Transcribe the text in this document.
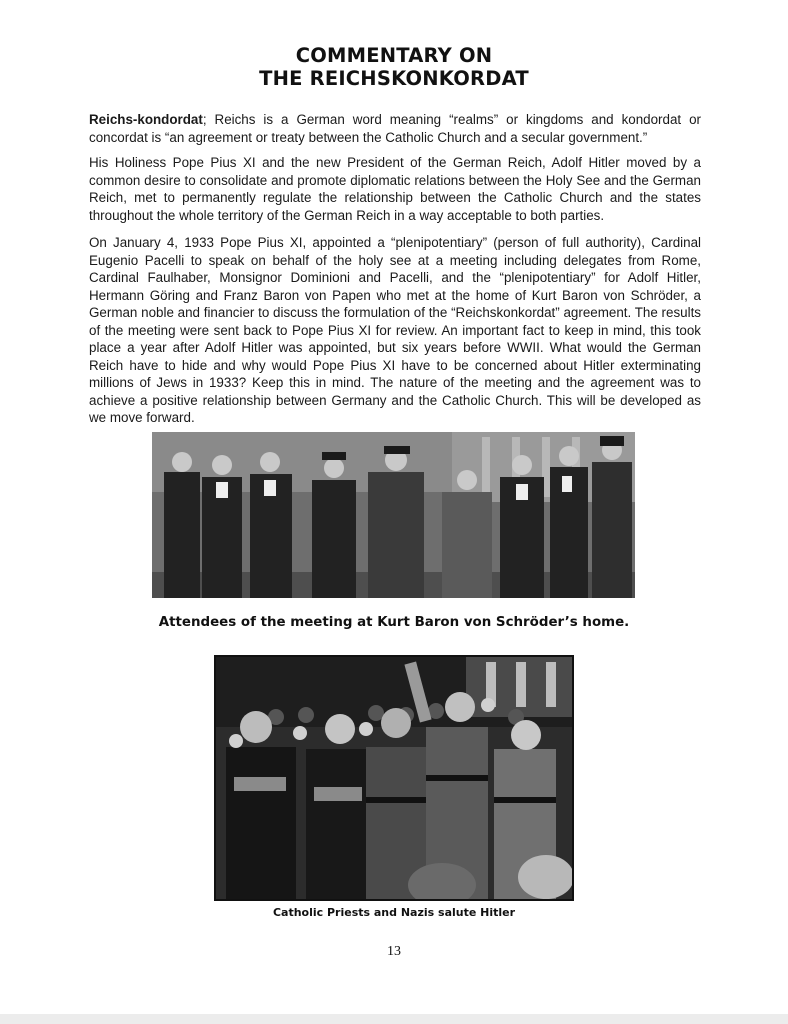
COMMENTARY ON
THE REICHSKONKORDAT
Reichs-kondordat; Reichs is a German word meaning “realms” or kingdoms and kondordat or concordat is “an agreement or treaty between the Catholic Church and a secular government.”
His Holiness Pope Pius XI and the new President of the German Reich, Adolf Hitler moved by a common desire to consolidate and promote diplomatic relations between the Holy See and the German Reich, met to permanently regulate the relationship between the Catholic Church and the states throughout the whole territory of the German Reich in a way acceptable to both parties.
On January 4, 1933 Pope Pius XI, appointed a “plenipotentiary” (person of full authority), Cardinal Eugenio Pacelli to speak on behalf of the holy see at a meeting including delegates from Rome, Cardinal Faulhaber, Monsignor Dominioni and Pacelli, and the “plenipotentiary” for Adolf Hitler, Hermann Göring and Franz Baron von Papen who met at the home of Kurt Baron von Schröder, a German noble and financier to discuss the formulation of the “Reichskonkordat” agreement. The results of the meeting were sent back to Pope Pius XI for review. An important fact to keep in mind, this took place a year after Adolf Hitler was appointed, but six years before WWII. What would the German Reich have to hide and why would Pope Pius XI have to be concerned about Hitler exterminating millions of Jews in 1933? Keep this in mind. The nature of the meeting and the agreement was to achieve a positive relationship between Germany and the Catholic Church. This will be developed as we move forward.
Attendees of the meeting at Kurt Baron von Schröder’s home.
Catholic Priests and Nazis salute Hitler
13
